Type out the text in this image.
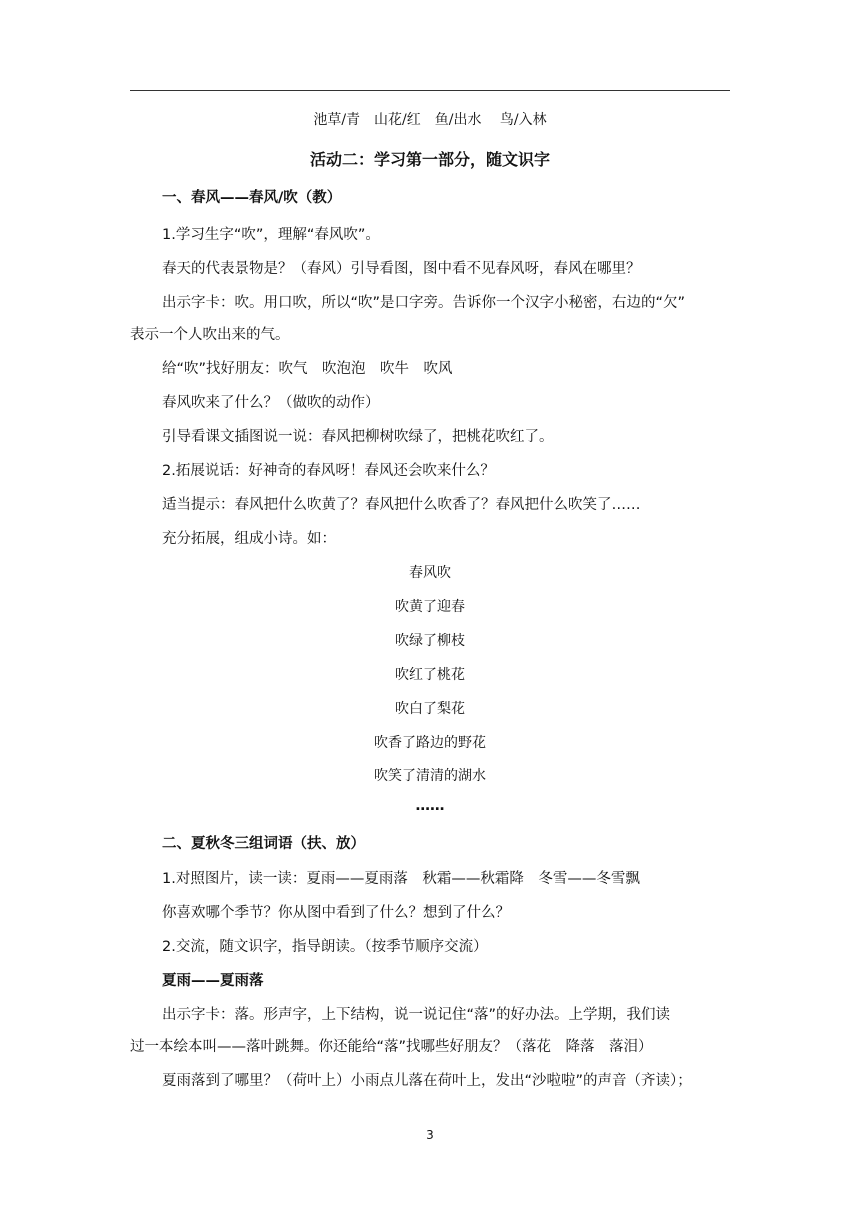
池草/青　山花/红　鱼/出水　 鸟/入林
活动二：学习第一部分，随文识字
一、春风——春风/吹（教）
1.学习生字“吹”，理解“春风吹”。
春天的代表景物是？（春风）引导看图，图中看不见春风呀，春风在哪里？
出示字卡：吹。用口吹，所以“吹”是口字旁。告诉你一个汉字小秘密，右边的“欠”
表示一个人吹出来的气。
给“吹”找好朋友：吹气　吹泡泡　吹牛　吹风
春风吹来了什么？（做吹的动作）
引导看课文插图说一说：春风把柳树吹绿了，把桃花吹红了。
2.拓展说话：好神奇的春风呀！春风还会吹来什么？
适当提示：春风把什么吹黄了？春风把什么吹香了？春风把什么吹笑了……
充分拓展，组成小诗。如：
春风吹
吹黄了迎春
吹绿了柳枝
吹红了桃花
吹白了梨花
吹香了路边的野花
吹笑了清清的湖水
……
二、夏秋冬三组词语（扶、放）
1.对照图片，读一读：夏雨——夏雨落　秋霜——秋霜降　冬雪——冬雪飘
你喜欢哪个季节？你从图中看到了什么？想到了什么？
2.交流，随文识字，指导朗读。（按季节顺序交流）
夏雨——夏雨落
出示字卡：落。形声字，上下结构，说一说记住“落”的好办法。上学期，我们读
过一本绘本叫——落叶跳舞。你还能给“落”找哪些好朋友？（落花　降落　落泪）
夏雨落到了哪里？（荷叶上）小雨点儿落在荷叶上，发出“沙啦啦”的声音（齐读）；
3
